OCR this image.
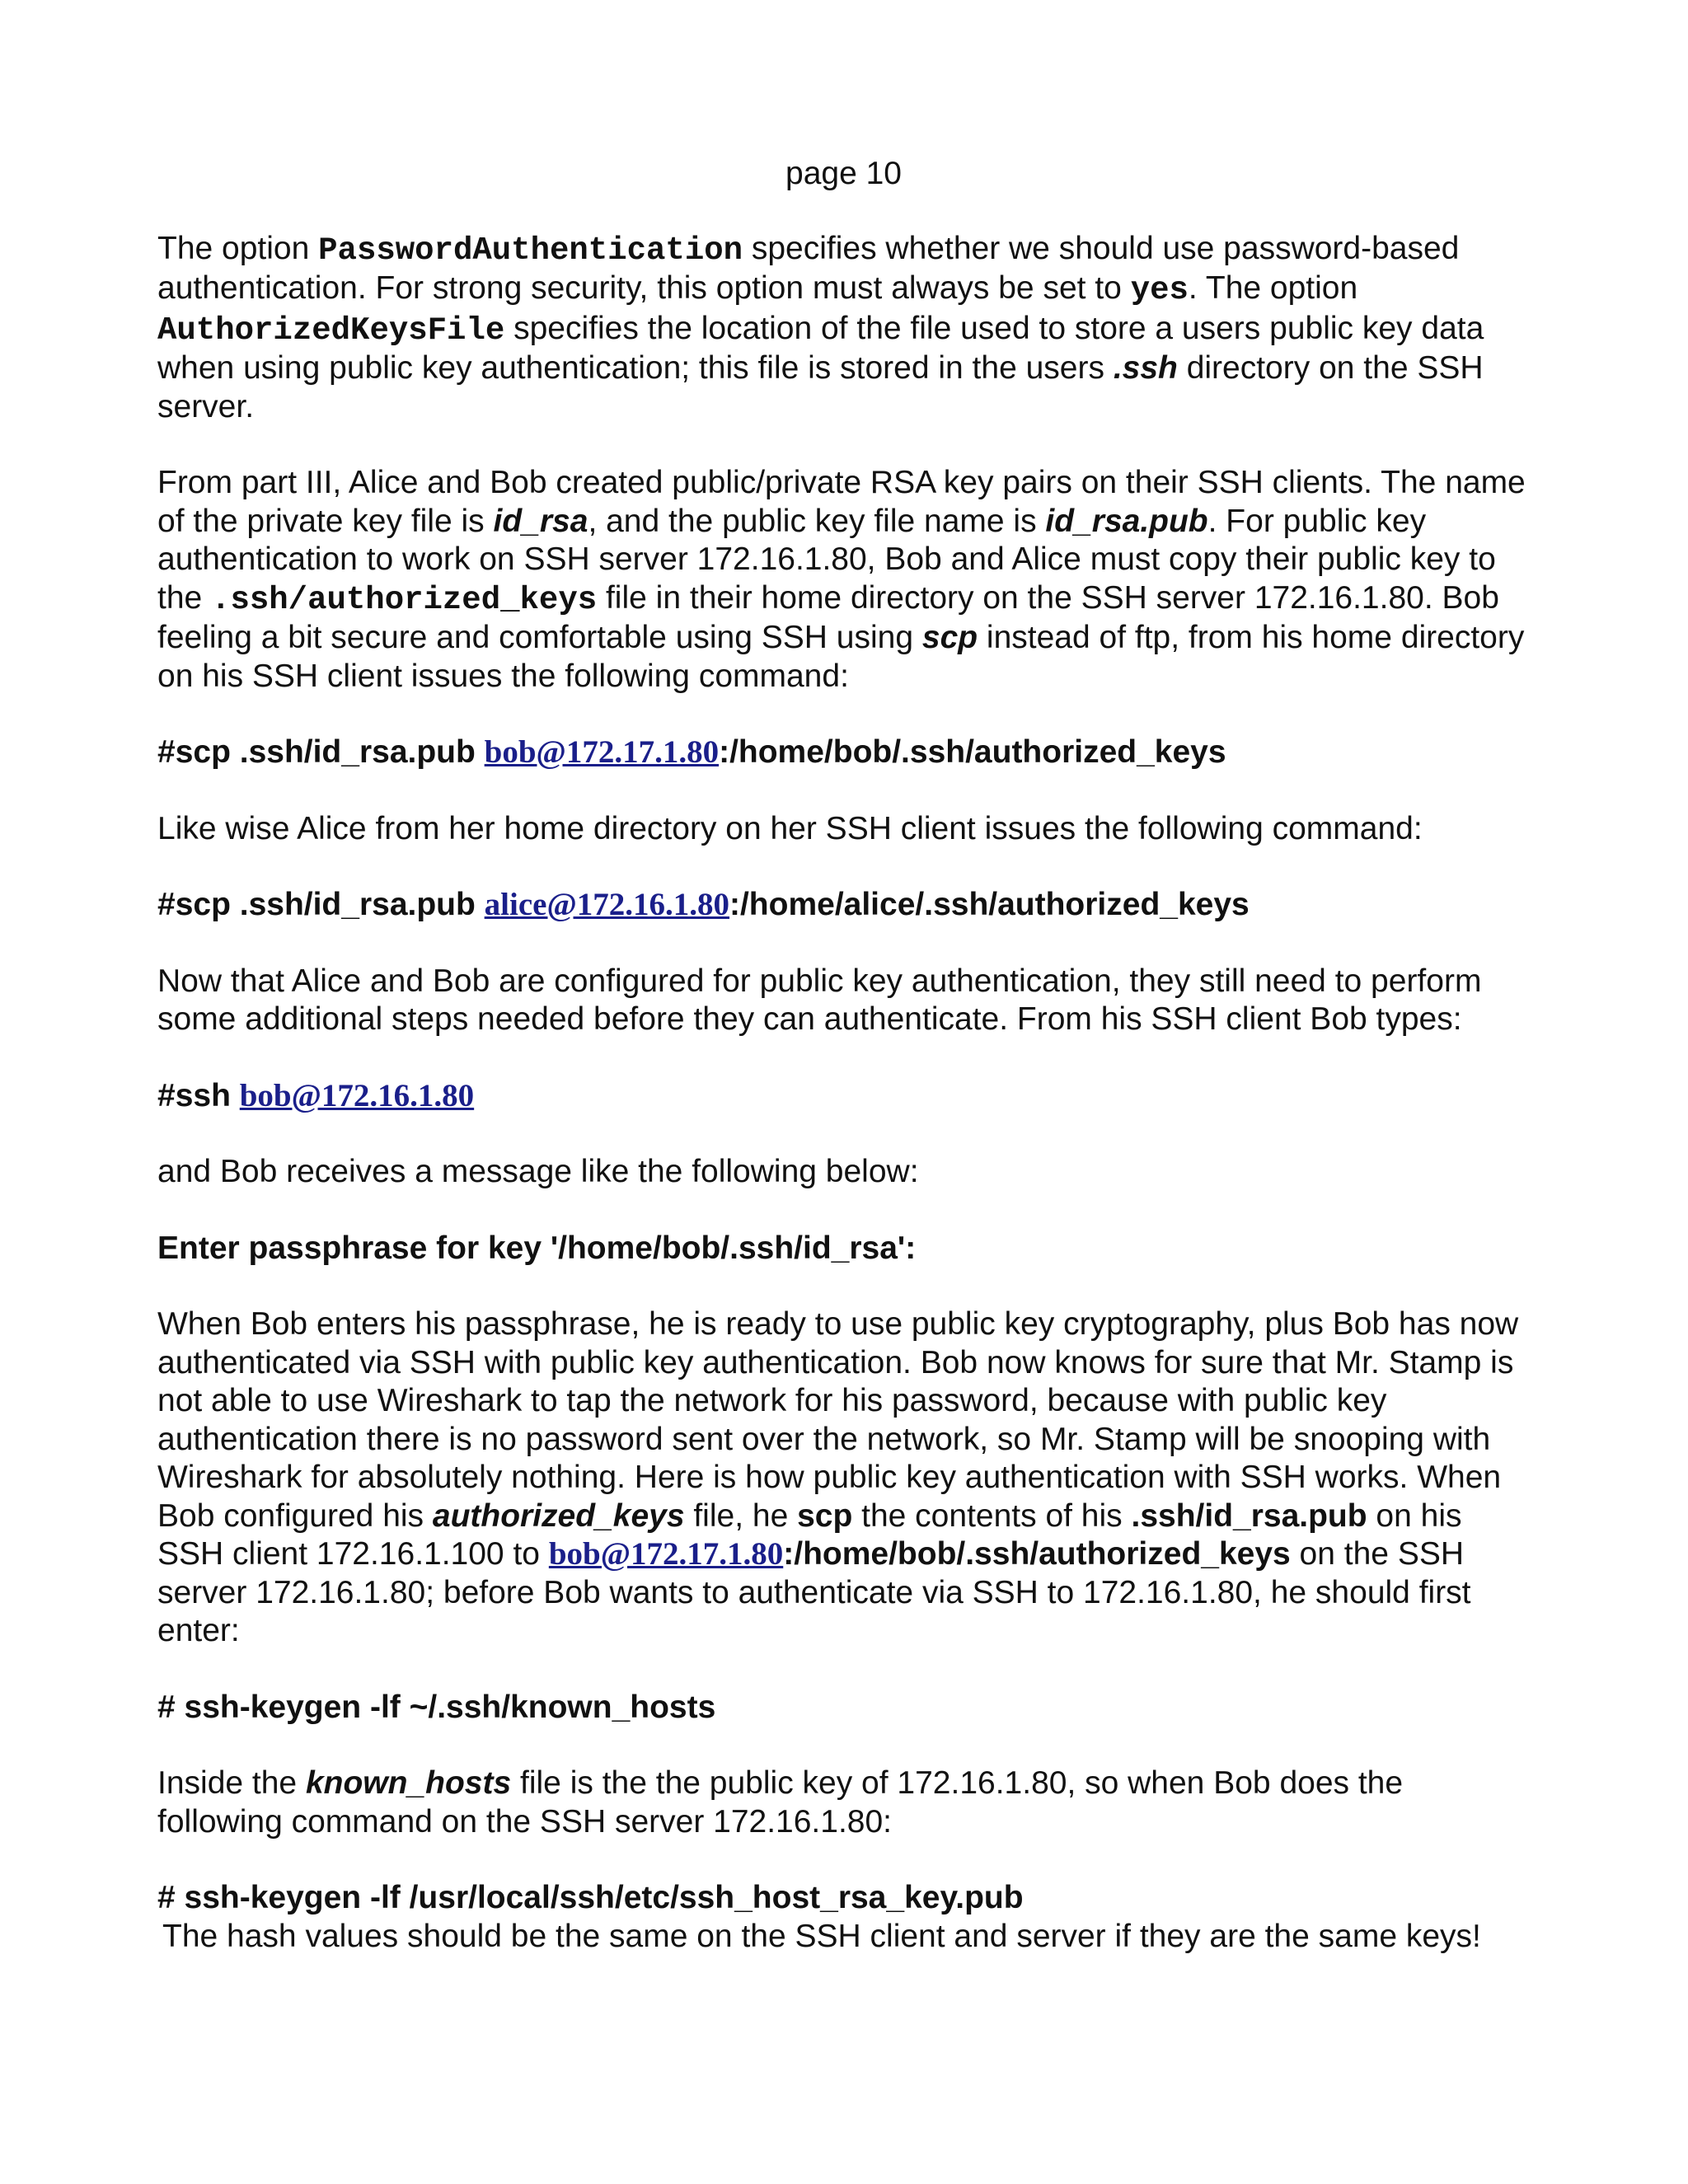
page 10

The option PasswordAuthentication specifies whether we should use password-based authentication. For strong security, this option must always be set to yes. The option AuthorizedKeysFile specifies the location of the file used to store a users public key data when using public key authentication; this file is stored in the users .ssh directory on the SSH server.

From part III, Alice and Bob created public/private RSA key pairs on their SSH clients. The name of the private key file is id_rsa, and the public key file name is id_rsa.pub. For public key authentication to work on SSH server 172.16.1.80, Bob and Alice must copy their public key to the .ssh/authorized_keys file in their home directory on the SSH server 172.16.1.80. Bob feeling a bit secure and comfortable using SSH using scp instead of ftp, from his home directory on his SSH client issues the following command:

#scp .ssh/id_rsa.pub bob@172.17.1.80:/home/bob/.ssh/authorized_keys

Like wise Alice from her home directory on her SSH client issues the following command:

#scp .ssh/id_rsa.pub alice@172.16.1.80:/home/alice/.ssh/authorized_keys

Now that Alice and Bob are configured for public key authentication, they still need to perform some additional steps needed before they can authenticate. From his SSH client Bob types:

#ssh bob@172.16.1.80

and Bob receives a message like the following below:

Enter passphrase for key '/home/bob/.ssh/id_rsa':

When Bob enters his passphrase, he is ready to use public key cryptography, plus Bob has now authenticated via SSH with public key authentication. Bob now knows for sure that Mr. Stamp is not able to use Wireshark to tap the network for his password, because with public key authentication there is no password sent over the network, so Mr. Stamp will be snooping with Wireshark for absolutely nothing. Here is how public key authentication with SSH works. When Bob configured his authorized_keys file, he scp the contents of his .ssh/id_rsa.pub on his SSH client 172.16.1.100 to bob@172.17.1.80:/home/bob/.ssh/authorized_keys on the SSH server 172.16.1.80; before Bob wants to authenticate via SSH to 172.16.1.80, he should first enter:

# ssh-keygen -lf ~/.ssh/known_hosts

Inside the known_hosts file is the the public key of 172.16.1.80, so when Bob does the following command on the SSH server 172.16.1.80:

# ssh-keygen -lf /usr/local/ssh/etc/ssh_host_rsa_key.pub

The hash values should be the same on the SSH client and server if they are the same keys!
